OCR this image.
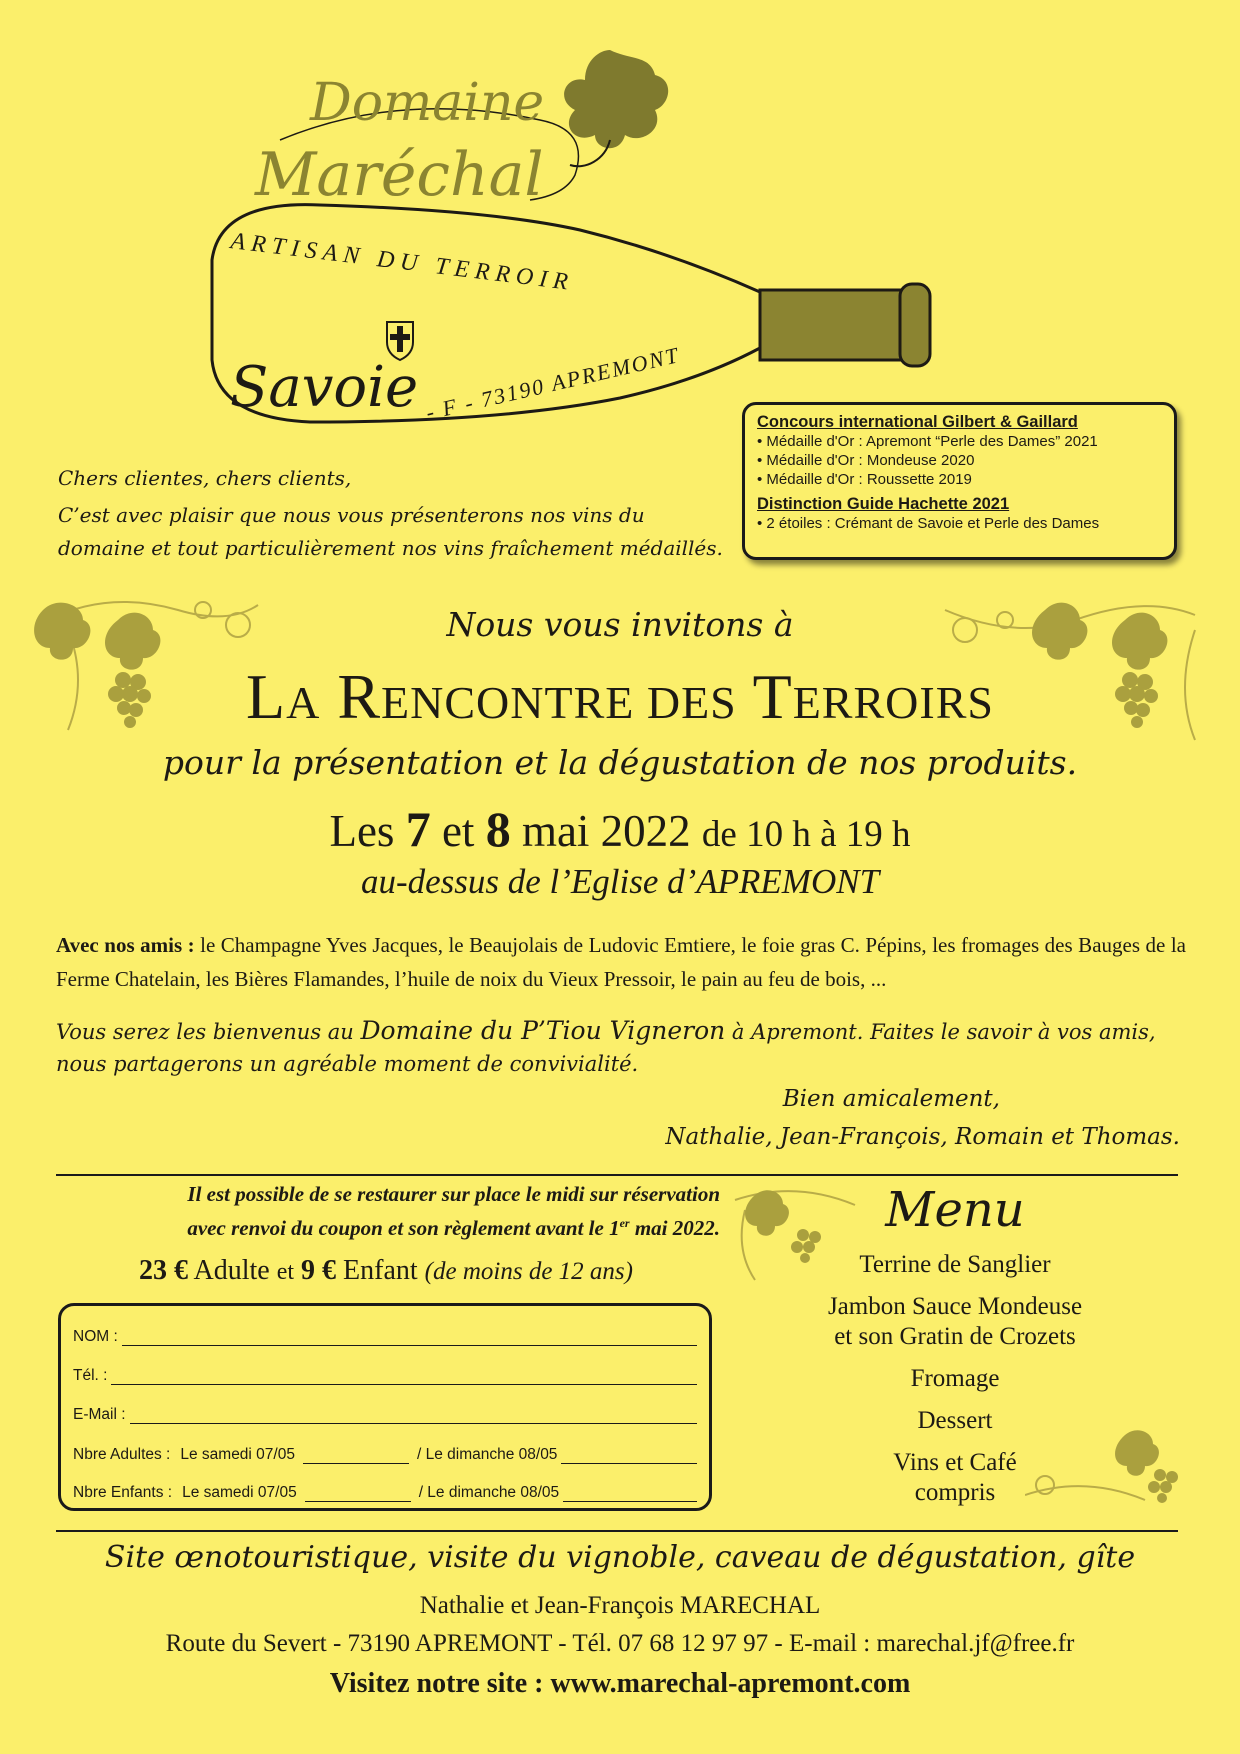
Domaine
Maréchal
ARTISAN DU TERROIR
Savoie - F - 73190 APREMONT	Concours international Gilbert & Gaillard
• Médaille d'Or : Apremont “Perle des Dames” 2021
• Médaille d'Or : Mondeuse 2020
• Médaille d'Or : Roussette 2019
Distinction Guide Hachette 2021
• 2 étoiles : Crémant de Savoie et Perle des Dames
Chers clientes, chers clients,
C’est avec plaisir que nous vous présenterons nos vins du
domaine et tout particulièrement nos vins fraîchement médaillés.
Nous vous invitons à
LA RENCONTRE DES TERROIRS
pour la présentation et la dégustation de nos produits.
Les 7 et 8 mai 2022 de 10 h à 19 h
au-dessus de l’Eglise d’APREMONT
Avec nos amis : le Champagne Yves Jacques, le Beaujolais de Ludovic Emtiere, le foie gras C. Pépins, les fromages des Bauges de la Ferme Chatelain, les Bières Flamandes, l’huile de noix du Vieux Pressoir, le pain au feu de bois, ...
Vous serez les bienvenus au Domaine du P’Tiou Vigneron à Apremont. Faites le savoir à vos amis, nous partagerons un agréable moment de convivialité.
Bien amicalement,
Nathalie, Jean-François, Romain et Thomas.
Il est possible de se restaurer sur place le midi sur réservation
avec renvoi du coupon et son règlement avant le 1er mai 2022.
23 € Adulte et 9 € Enfant (de moins de 12 ans)
NOM :
Tél. :
E-Mail :
Nbre Adultes : Le samedi 07/05	/ Le dimanche 08/05
Nbre Enfants : Le samedi 07/05	/ Le dimanche 08/05
Menu
Terrine de Sanglier
Jambon Sauce Mondeuse
et son Gratin de Crozets
Fromage
Dessert
Vins et Café
compris
Site œnotouristique, visite du vignoble, caveau de dégustation, gîte
Nathalie et Jean-François MARECHAL
Route du Severt - 73190 APREMONT - Tél. 07 68 12 97 97 - E-mail : marechal.jf@free.fr
Visitez notre site : www.marechal-apremont.com
